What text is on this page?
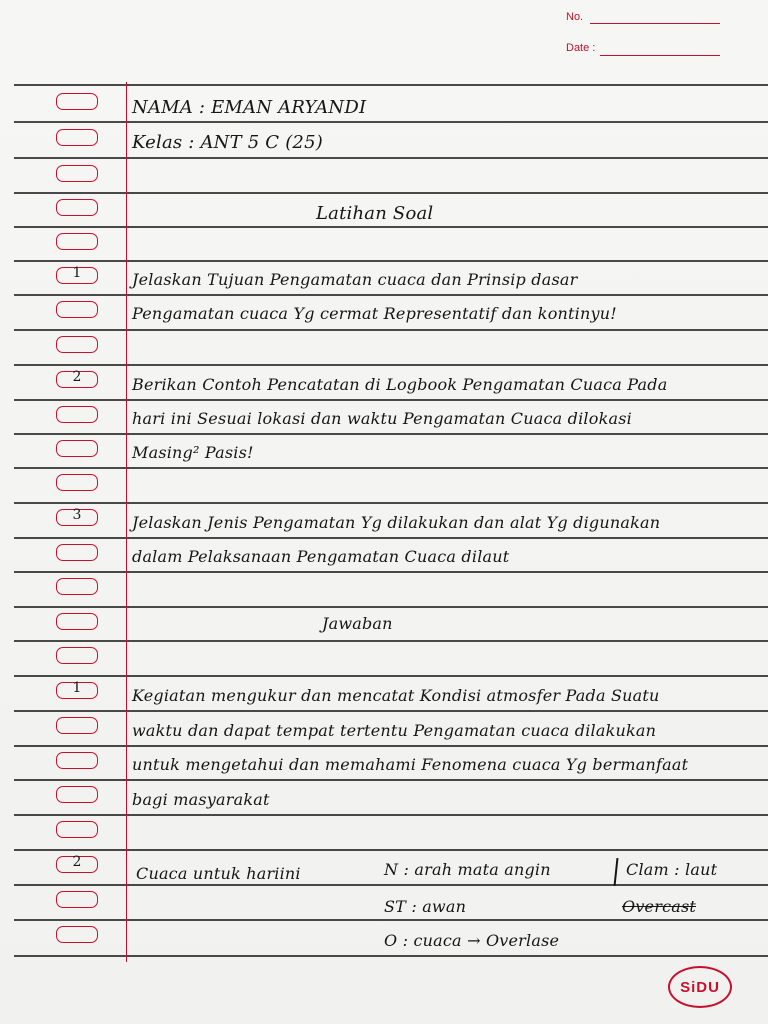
No.
Date :
1
2
3
1
2
NAMA : EMAN ARYANDI
Kelas : ANT 5 C (25)
Latihan Soal
Jelaskan Tujuan Pengamatan cuaca dan Prinsip dasar
Pengamatan cuaca Yg cermat Representatif dan kontinyu!
Berikan Contoh Pencatatan di Logbook Pengamatan Cuaca Pada
hari ini Sesuai lokasi dan waktu Pengamatan Cuaca dilokasi
Masing² Pasis!
Jelaskan Jenis Pengamatan Yg dilakukan dan alat Yg digunakan
dalam Pelaksanaan Pengamatan Cuaca dilaut
Jawaban
Kegiatan mengukur dan mencatat Kondisi atmosfer Pada Suatu
waktu dan dapat tempat tertentu Pengamatan cuaca dilakukan
untuk mengetahui dan memahami Fenomena cuaca Yg bermanfaat
bagi masyarakat
Cuaca untuk hariini	N : arah mata angin	Clam : laut
ST : awan	Overcast
O : cuaca → Overlase
SiDU
